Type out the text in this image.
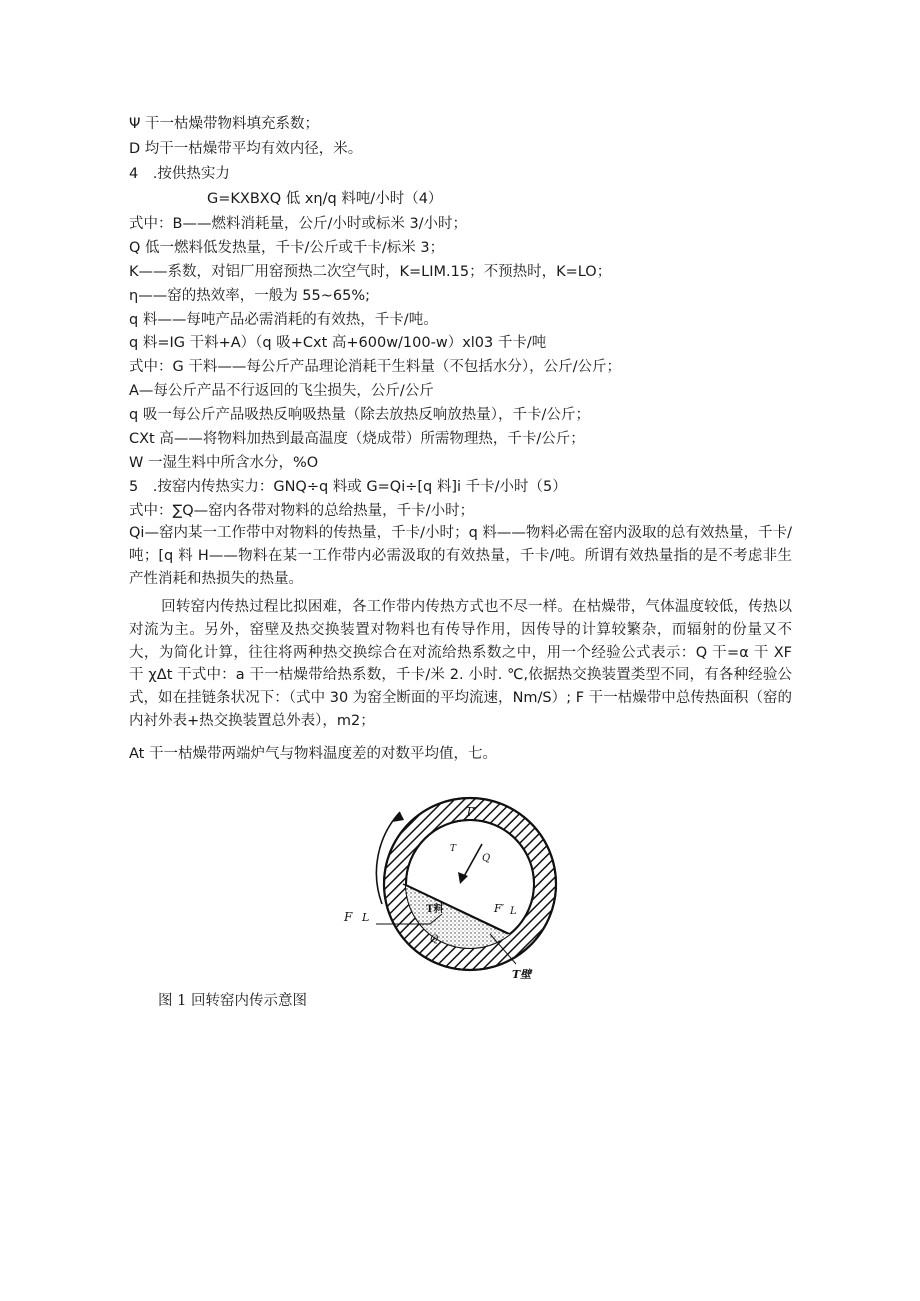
Ψ 干一枯燥带物料填充系数；
D 均干一枯燥带平均有效内径，米。
4　.按供热实力
G=KXBXQ 低 xη∕q 料吨/小时（4）
式中：B——燃料消耗量，公斤/小时或标米 3/小时；
Q 低一燃料低发热量，千卡/公斤或千卡/标米 3；
K——系数，对铝厂用窑预热二次空气时，K=LIM.15；不预热时，K=LO；
η——窑的热效率，一般为 55~65%;
q 料——每吨产品必需消耗的有效热，千卡/吨。
q 料=IG 干料+A）（q 吸+Cxt 高+600w∕100-w）xl03 千卡/吨
式中：G 干料——每公斤产品理论消耗干生料量（不包括水分），公斤/公斤；
A—每公斤产品不行返回的飞尘损失，公斤/公斤
q 吸一每公斤产品吸热反响吸热量（除去放热反响放热量），千卡/公斤；
CXt 高——将物料加热到最高温度（烧成带）所需物理热，千卡/公斤；
W 一湿生料中所含水分，%O
5　.按窑内传热实力：GNQ÷q 料或 G=Qi÷[q 料]i 千卡/小时（5）
式中：∑Q—窑内各带对物料的总给热量，千卡/小时；
Qi—窑内某一工作带中对物料的传热量，千卡/小时；q 料——物料必需在窑内汲取的总有效热量，千卡/吨；[q 料 H——物料在某一工作带内必需汲取的有效热量，千卡/吨。所谓有效热量指的是不考虑非生产性消耗和热损失的热量。
回转窑内传热过程比拟困难，各工作带内传热方式也不尽一样。在枯燥带，气体温度较低，传热以对流为主。另外，窑壁及热交换装置对物料也有传导作用，因传导的计算较繁杂，而辐射的份量又不大，为简化计算，往往将两种热交换综合在对流给热系数之中，用一个经验公式表示：Q 干=α 干 XF 干 χΔt 干式中：a 干一枯燥带给热系数，千卡/米 2. 小时. ℃,依据热交换装置类型不同，有各种经验公式，如在挂链条状况下：（式中 30 为窑全断面的平均流速，Nm/S）; F 干一枯燥带中总传热面积（窑的内衬外表+热交换装置总外表），m2；
At 干一枯燥带两端炉气与物料温度差的对数平均值，七。
T′
T
Q
T料	F′ L
F L
Q
T壁
图 1 回转窑内传示意图
